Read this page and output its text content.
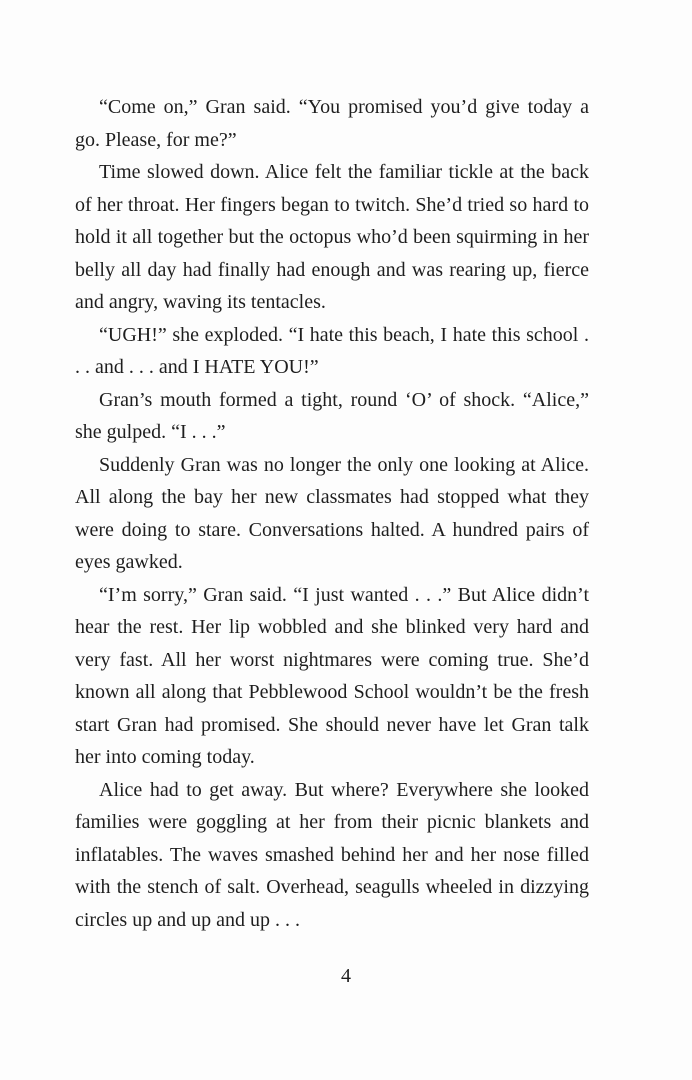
“Come on,” Gran said. “You promised you’d give today a go. Please, for me?”

Time slowed down. Alice felt the familiar tickle at the back of her throat. Her fingers began to twitch. She’d tried so hard to hold it all together but the octopus who’d been squirming in her belly all day had finally had enough and was rearing up, fierce and angry, waving its tentacles.

“UGH!” she exploded. “I hate this beach, I hate this school . . . and . . . and I HATE YOU!”

Gran’s mouth formed a tight, round ‘O’ of shock. “Alice,” she gulped. “I . . .”

Suddenly Gran was no longer the only one looking at Alice. All along the bay her new classmates had stopped what they were doing to stare. Conversations halted. A hundred pairs of eyes gawked.

“I’m sorry,” Gran said. “I just wanted . . .” But Alice didn’t hear the rest. Her lip wobbled and she blinked very hard and very fast. All her worst nightmares were coming true. She’d known all along that Pebblewood School wouldn’t be the fresh start Gran had promised. She should never have let Gran talk her into coming today.

Alice had to get away. But where? Everywhere she looked families were goggling at her from their picnic blankets and inflatables. The waves smashed behind her and her nose filled with the stench of salt. Overhead, seagulls wheeled in dizzying circles up and up and up . . .

4
